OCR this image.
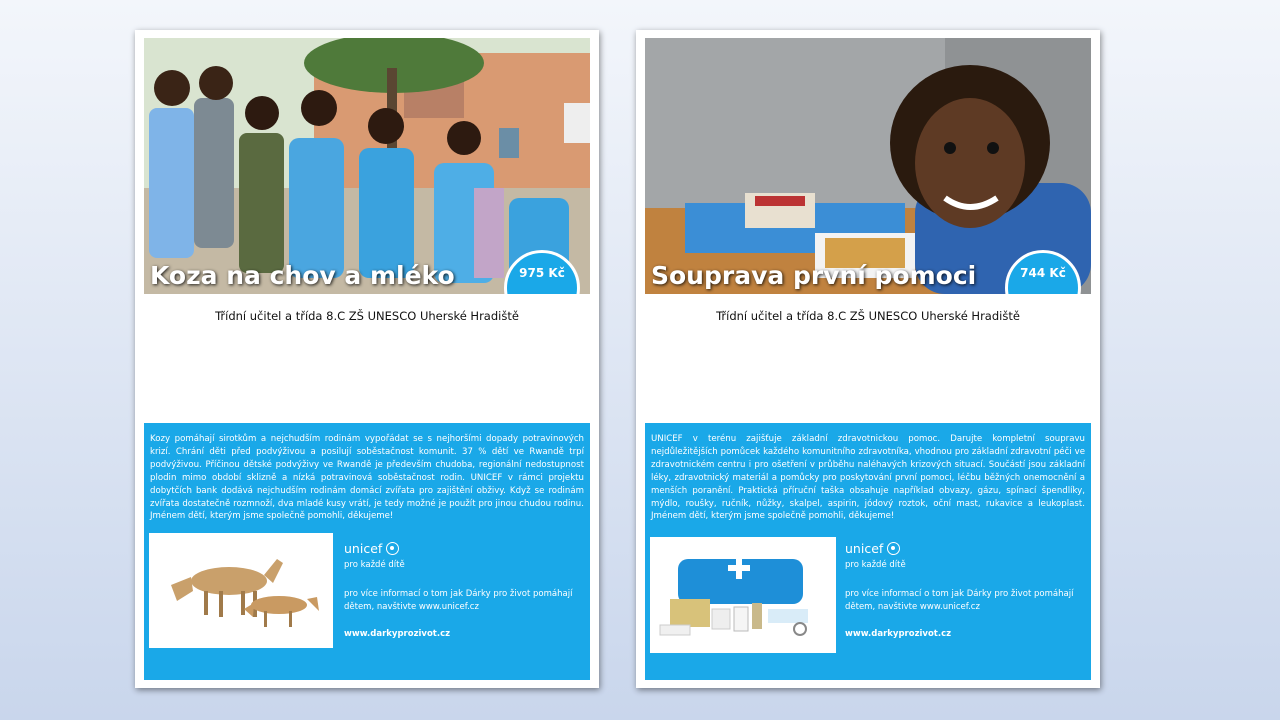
Koza na chov a mléko	975 Kč
Třídní učitel a třída 8.C ZŠ UNESCO Uherské Hradiště
Kozy pomáhají sirotkům a nejchudším rodinám vypořádat se s nejhoršími dopady potravinových krizí. Chrání děti před podvýživou a posilují soběstačnost komunit. 37 % dětí ve Rwandě trpí podvýživou. Příčinou dětské podvýživy ve Rwandě je především chudoba, regionální nedostupnost plodin mimo období sklizně a nízká potravinová soběstačnost rodin. UNICEF v rámci projektu dobytčích bank dodává nejchudším rodinám domácí zvířata pro zajištění obživy. Když se rodinám zvířata dostatečně rozmnoží, dva mladé kusy vrátí, je tedy možné je použít pro jinou chudou rodinu. Jménem dětí, kterým jsme společně pomohli, děkujeme!
unicef
pro každé dítě
pro více informací o tom jak Dárky pro život pomáhají dětem, navštivte www.unicef.cz
www.darkyprozivot.cz
Souprava první pomoci	744 Kč
Třídní učitel a třída 8.C ZŠ UNESCO Uherské Hradiště
UNICEF v terénu zajišťuje základní zdravotnickou pomoc. Darujte kompletní soupravu nejdůležitějších pomůcek každého komunitního zdravotníka, vhodnou pro základní zdravotní péči ve zdravotnickém centru i pro ošetření v průběhu naléhavých krizových situací. Součástí jsou základní léky, zdravotnický materiál a pomůcky pro poskytování první pomoci, léčbu běžných onemocnění a menších poranění. Praktická příruční taška obsahuje například obvazy, gázu, spínací špendlíky, mýdlo, roušky, ručník, nůžky, skalpel, aspirin, jódový roztok, oční mast, rukavice a leukoplast. Jménem dětí, kterým jsme společně pomohli, děkujeme!
unicef
pro každé dítě
pro více informací o tom jak Dárky pro život pomáhají dětem, navštivte www.unicef.cz
www.darkyprozivot.cz
